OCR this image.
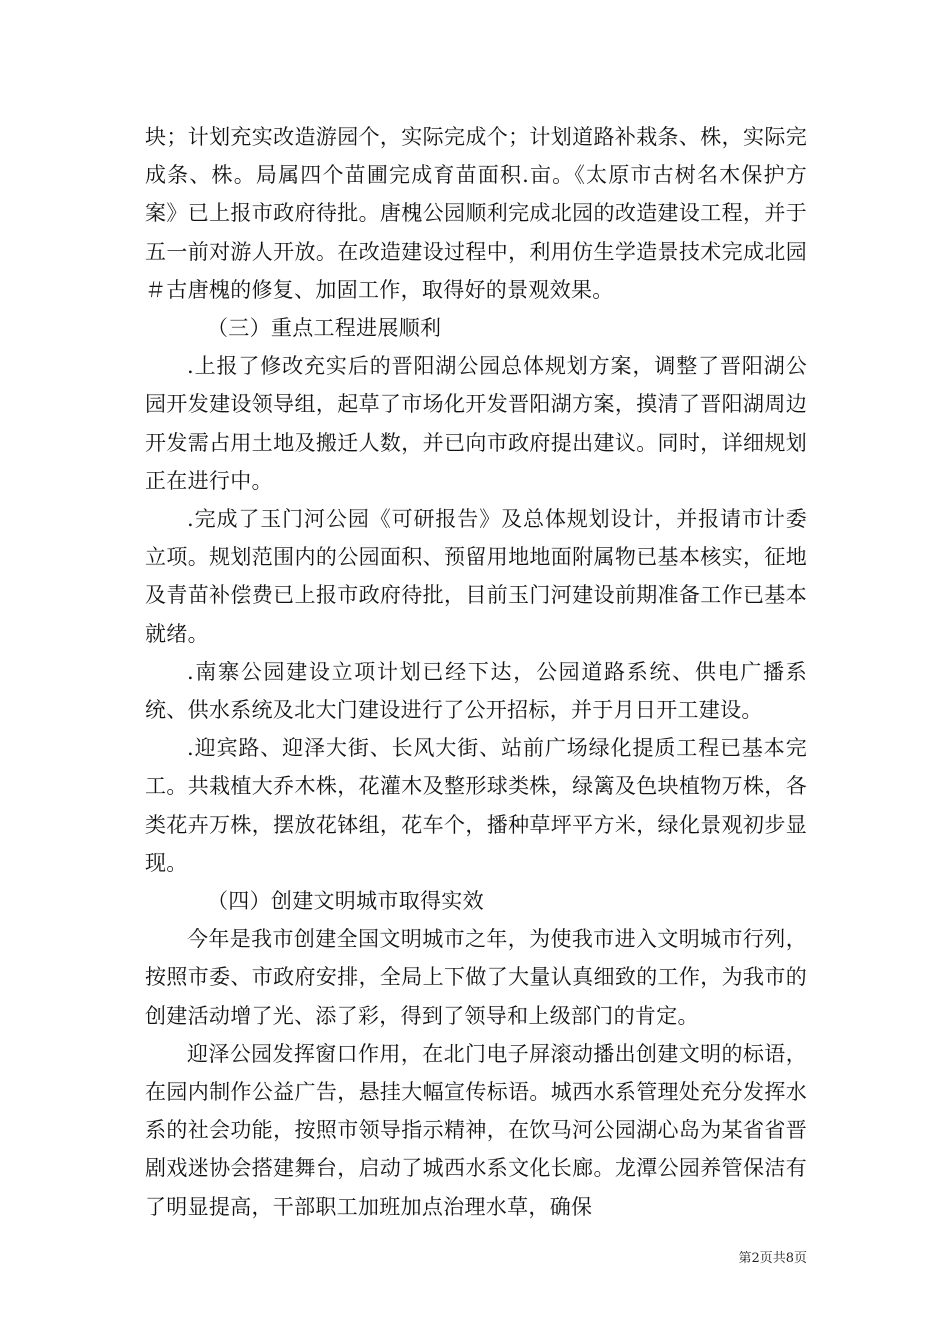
块；计划充实改造游园个，实际完成个；计划道路补栽条、株，实际完成条、株。局属四个苗圃完成育苗面积.亩。《太原市古树名木保护方案》已上报市政府待批。唐槐公园顺利完成北园的改造建设工程，并于五一前对游人开放。在改造建设过程中，利用仿生学造景技术完成北园＃古唐槐的修复、加固工作，取得好的景观效果。

（三）重点工程进展顺利

.上报了修改充实后的晋阳湖公园总体规划方案，调整了晋阳湖公园开发建设领导组，起草了市场化开发晋阳湖方案，摸清了晋阳湖周边开发需占用土地及搬迁人数，并已向市政府提出建议。同时，详细规划正在进行中。

.完成了玉门河公园《可研报告》及总体规划设计，并报请市计委立项。规划范围内的公园面积、预留用地地面附属物已基本核实，征地及青苗补偿费已上报市政府待批，目前玉门河建设前期准备工作已基本就绪。

.南寨公园建设立项计划已经下达，公园道路系统、供电广播系统、供水系统及北大门建设进行了公开招标，并于月日开工建设。

.迎宾路、迎泽大街、长风大街、站前广场绿化提质工程已基本完工。共栽植大乔木株，花灌木及整形球类株，绿篱及色块植物万株，各类花卉万株，摆放花钵组，花车个，播种草坪平方米，绿化景观初步显现。

（四）创建文明城市取得实效

今年是我市创建全国文明城市之年，为使我市进入文明城市行列，按照市委、市政府安排，全局上下做了大量认真细致的工作，为我市的创建活动增了光、添了彩，得到了领导和上级部门的肯定。

迎泽公园发挥窗口作用，在北门电子屏滚动播出创建文明的标语，在园内制作公益广告，悬挂大幅宣传标语。城西水系管理处充分发挥水系的社会功能，按照市领导指示精神，在饮马河公园湖心岛为某省省晋剧戏迷协会搭建舞台，启动了城西水系文化长廊。龙潭公园养管保洁有了明显提高，干部职工加班加点治理水草，确保

第2页共8页
